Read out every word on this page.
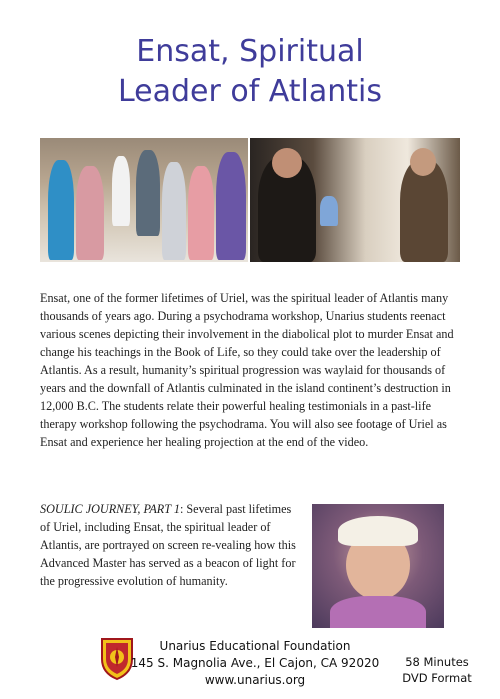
Ensat, Spiritual
Leader of Atlantis

Ensat, one of the former lifetimes of Uriel, was the spiritual leader of Atlantis many thousands of years ago. During a psychodrama workshop, Unarius students reenact various scenes depicting their involvement in the diabolical plot to murder Ensat and change his teachings in the Book of Life, so they could take over the leadership of Atlantis. As a result, humanity’s spiritual progression was waylaid for thousands of years and the downfall of Atlantis culminated in the island continent’s destruction in 12,000 B.C. The students relate their powerful healing testimonials in a past-life therapy workshop following the psychodrama. You will also see footage of Uriel as Ensat and experience her healing projection at the end of the video.

SOULIC JOURNEY, PART 1: Several past lifetimes of Uriel, including Ensat, the spiritual leader of Atlantis, are portrayed on screen re-vealing how this Advanced Master has served as a beacon of light for the progressive evolution of humanity.

Unarius Educational Foundation
145 S. Magnolia Ave., El Cajon, CA 92020
www.unarius.org
58 Minutes
DVD Format
